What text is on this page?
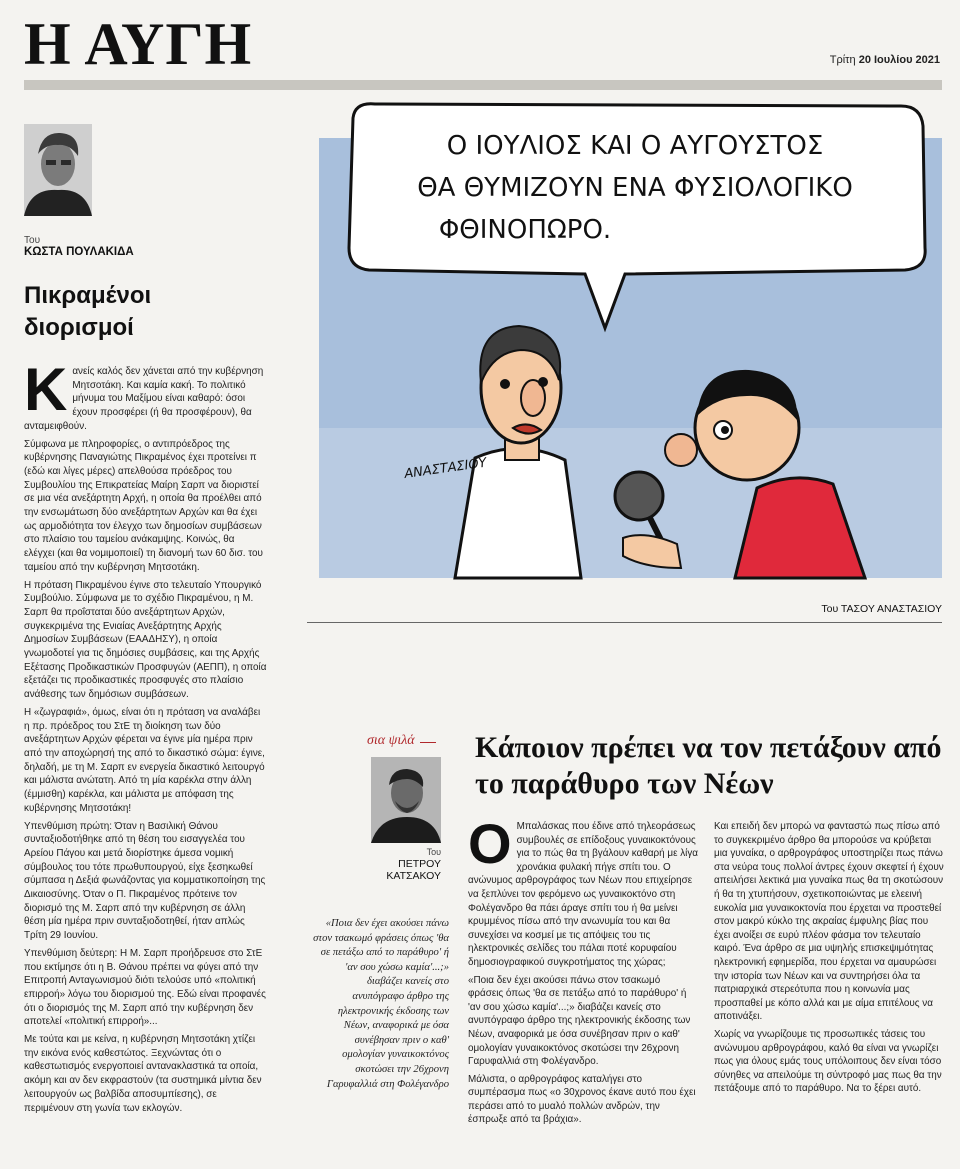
Η ΑΥΓΗ	Τρίτη 20 Ιουλίου 2021
Του
ΚΩΣΤΑ ΠΟΥΛΑΚΙΔΑ
Πικραμένοι διορισμοί

Κανείς καλός δεν χάνεται από την κυβέρνηση Μητσοτάκη. Και καμία κακή. Το πολιτικό μήνυμα του Μαξίμου είναι καθαρό: όσοι έχουν προσφέρει (ή θα προσφέρουν), θα ανταμειφθούν.

Σύμφωνα με πληροφορίες, ο αντιπρόεδρος της κυβέρνησης Παναγιώτης Πικραμένος έχει προτείνει π (εδώ και λίγες μέρες) απελθούσα πρόεδρος του Συμβουλίου της Επικρατείας Μαίρη Σαρπ να διοριστεί σε μια νέα ανεξάρτητη Αρχή, η οποία θα προέλθει από την ενσωμάτωση δύο ανεξάρτητων Αρχών και θα έχει ως αρμοδιότητα τον έλεγχο των δημοσίων συμβάσεων στο πλαίσιο του ταμείου ανάκαμψης. Κοινώς, θα ελέγχει (και θα νομιμοποιεί) τη διανομή των 60 δισ. του ταμείου από την κυβέρνηση Μητσοτάκη.

Η πρόταση Πικραμένου έγινε στο τελευταίο Υπουργικό Συμβούλιο. Σύμφωνα με το σχέδιο Πικραμένου, η Μ. Σαρπ θα προΐσταται δύο ανεξάρτητων Αρχών, συγκεκριμένα της Ενιαίας Ανεξάρτητης Αρχής Δημοσίων Συμβάσεων (ΕΑΑΔΗΣΥ), η οποία γνωμοδοτεί για τις δημόσιες συμβάσεις, και της Αρχής Εξέτασης Προδικαστικών Προσφυγών (ΑΕΠΠ), η οποία εξετάζει τις προδικαστικές προσφυγές στο πλαίσιο ανάθεσης των δημόσιων συμβάσεων.

Η «ζωγραφιά», όμως, είναι ότι η πρόταση να αναλάβει η πρ. πρόεδρος του ΣτΕ τη διοίκηση των δύο ανεξάρτητων Αρχών φέρεται να έγινε μία ημέρα πριν από την αποχώρησή της από το δικαστικό σώμα: έγινε, δηλαδή, με τη Μ. Σαρπ εν ενεργεία δικαστικό λειτουργό και μάλιστα ανώτατη. Από τη μία καρέκλα στην άλλη (έμμισθη) καρέκλα, και μάλιστα με απόφαση της κυβέρνησης Μητσοτάκη!

Υπενθύμιση πρώτη: Όταν η Βασιλική Θάνου συνταξιοδοτήθηκε από τη θέση του εισαγγελέα του Αρείου Πάγου και μετά διορίστηκε άμεσα νομική σύμβουλος του τότε πρωθυπουργού, είχε ξεσηκωθεί σύμπασα η Δεξιά φωνάζοντας για κομματικοποίηση της Δικαιοσύνης. Όταν ο Π. Πικραμένος πρότεινε τον διορισμό της Μ. Σαρπ από την κυβέρνηση σε άλλη θέση μία ημέρα πριν συνταξιοδοτηθεί, ήταν απλώς Τρίτη 29 Ιουνίου.

Υπενθύμιση δεύτερη: Η Μ. Σαρπ προήδρευσε στο ΣτΕ που εκτίμησε ότι η Β. Θάνου πρέπει να φύγει από την Επιτροπή Ανταγωνισμού διότι τελούσε υπό «πολιτική επιρροή» λόγω του διορισμού της. Εδώ είναι προφανές ότι ο διορισμός της Μ. Σαρπ από την κυβέρνηση δεν αποτελεί «πολιτική επιρροή»...

Με τούτα και με κείνα, η κυβέρνηση Μητσοτάκη χτίζει την εικόνα ενός καθεστώτος. Ξεχνώντας ότι ο καθεστωτισμός ενεργοποιεί αντανακλαστικά τα οποία, ακόμη και αν δεν εκφραστούν (τα συστημικά μίντια δεν λειτουργούν ως βαλβίδα αποσυμπίεσης), σε περιμένουν στη γωνία των εκλογών.

Ο ΙΟΥΛΙΟΣ ΚΑΙ Ο ΑΥΓΟΥΣΤΟΣ
ΘΑ ΘΥΜΙΖΟΥΝ ΕΝΑ ΦΥΣΙΟΛΟΓΙΚΟ
ΦΘΙΝΟΠΩΡΟ.
ΑΝΑΣΤΑΣΙΟΥ
Του ΤΑΣΟΥ ΑΝΑΣΤΑΣΙΟΥ
σια ψιλά
Του
ΠΕΤΡΟΥ
ΚΑΤΣΑΚΟΥ
Κάποιον πρέπει να τον πετάξουν από το παράθυρο των Νέων
«Ποια δεν έχει ακούσει πάνω στον τσακωμό φράσεις όπως 'θα σε πετάξω από το παράθυρο' ή 'αν σου χώσω καμία'...;» διαβάζει κανείς στο ανυπόγραφο άρθρο της ηλεκτρονικής έκδοσης των Νέων, αναφορικά με όσα συνέβησαν πριν ο καθ' ομολογίαν γυναικοκτόνος σκοτώσει την 26χρονη Γαρυφαλλιά στη Φολέγανδρο

Ο Μπαλάσκας που έδινε από τηλεοράσεως συμβουλές σε επίδοξους γυναικοκτόνους για το πώς θα τη βγάλουν καθαρή με λίγα χρονάκια φυλακή πήγε σπίτι του. Ο ανώνυμος αρθρογράφος των Νέων που επιχείρησε να ξεπλύνει τον φερόμενο ως γυναικοκτόνο στη Φολέγανδρο θα πάει άραγε σπίτι του ή θα μείνει κρυμμένος πίσω από την ανωνυμία του και θα συνεχίσει να κοσμεί με τις απόψεις του τις ηλεκτρονικές σελίδες του πάλαι ποτέ κορυφαίου δημοσιογραφικού συγκροτήματος της χώρας;

«Ποια δεν έχει ακούσει πάνω στον τσακωμό φράσεις όπως 'θα σε πετάξω από το παράθυρο' ή 'αν σου χώσω καμία'...;» διαβάζει κανείς στο ανυπόγραφο άρθρο της ηλεκτρονικής έκδοσης των Νέων, αναφορικά με όσα συνέβησαν πριν ο καθ' ομολογίαν γυναικοκτόνος σκοτώσει την 26χρονη Γαρυφαλλιά στη Φολέγανδρο.

Μάλιστα, ο αρθρογράφος καταλήγει στο συμπέρασμα πως «ο 30χρονος έκανε αυτό που έχει περάσει από το μυαλό πολλών ανδρών, την έσπρωξε από τα βράχια».

Και επειδή δεν μπορώ να φανταστώ πως πίσω από το συγκεκριμένο άρθρο θα μπορούσε να κρύβεται μια γυναίκα, ο αρθρογράφος υποστηρίζει πως πάνω στα νεύρα τους πολλοί άντρες έχουν σκεφτεί ή έχουν απειλήσει λεκτικά μια γυναίκα πως θα τη σκοτώσουν ή θα τη χτυπήσουν, σχετικοποιώντας με ελεεινή ευκολία μια γυναικοκτονία που έρχεται να προστεθεί στον μακρύ κύκλο της ακραίας έμφυλης βίας που έχει ανοίξει σε ευρύ πλέον φάσμα τον τελευταίο καιρό. Ένα άρθρο σε μια υψηλής επισκεψιμότητας ηλεκτρονική εφημερίδα, που έρχεται να αμαυρώσει την ιστορία των Νέων και να συντηρήσει όλα τα πατριαρχικά στερεότυπα που η κοινωνία μας προσπαθεί με κόπο αλλά και με αίμα επιτέλους να αποτινάξει.

Χωρίς να γνωρίζουμε τις προσωπικές τάσεις του ανώνυμου αρθρογράφου, καλό θα είναι να γνωρίζει πως για όλους εμάς τους υπόλοιπους δεν είναι τόσο σύνηθες να απειλούμε τη σύντροφό μας πως θα την πετάξουμε από το παράθυρο. Να το ξέρει αυτό.
